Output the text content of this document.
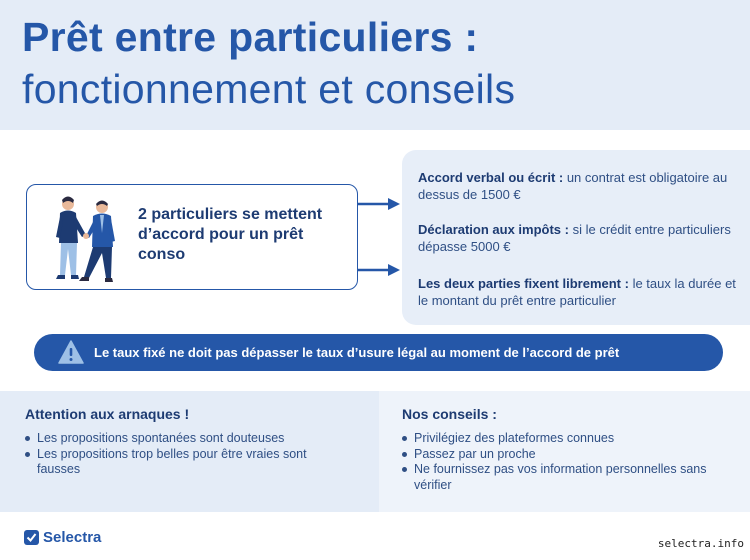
Prêt entre particuliers :
fonctionnement et conseils
2 particuliers se mettent d’accord pour un prêt conso
Accord verbal ou écrit : un contrat est obligatoire au dessus de 1500 €
Déclaration aux impôts : si le crédit entre particuliers dépasse 5000 €
Les deux parties fixent librement : le taux la durée et le montant du prêt entre particulier
Le taux fixé ne doit pas dépasser le taux d’usure légal au moment de l’accord de prêt
Attention aux arnaques !
Les propositions spontanées sont douteuses
Les propositions trop belles pour être vraies sont fausses
Nos conseils :
Privilégiez des plateformes connues
Passez par un proche
Ne fournissez pas vos information personnelles sans vérifier
Selectra	selectra.info
